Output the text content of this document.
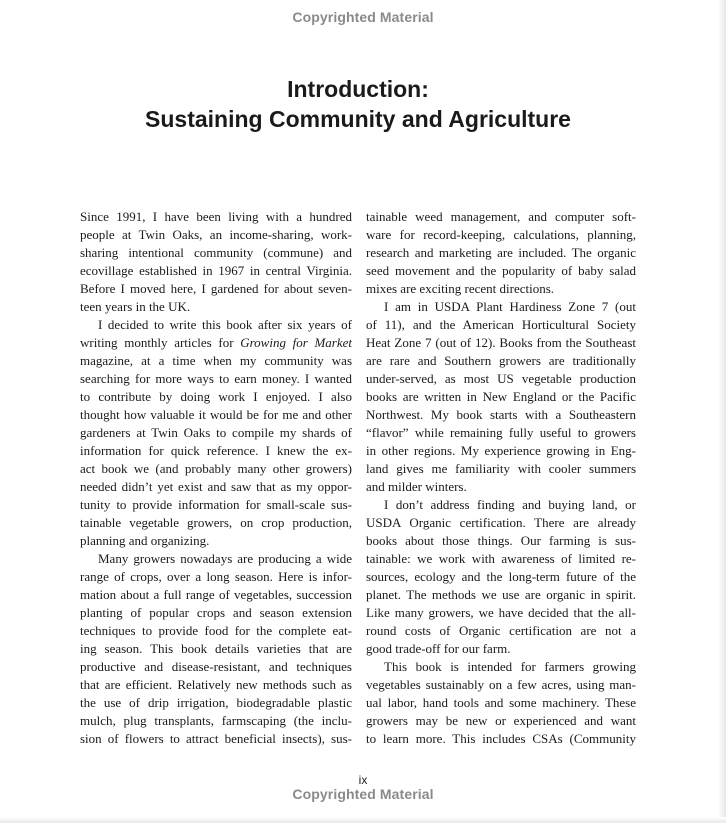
Copyrighted Material
Introduction:
Sustaining Community and Agriculture
Since 1991, I have been living with a hundred
people at Twin Oaks, an income-sharing, work-
sharing intentional community (commune) and
ecovillage established in 1967 in central Virginia.
Before I moved here, I gardened for about seven-
teen years in the UK.
I decided to write this book after six years of
writing monthly articles for Growing for Market
magazine, at a time when my community was
searching for more ways to earn money. I wanted
to contribute by doing work I enjoyed. I also
thought how valuable it would be for me and other
gardeners at Twin Oaks to compile my shards of
information for quick reference. I knew the ex-
act book we (and probably many other growers)
needed didn’t yet exist and saw that as my oppor-
tunity to provide information for small-scale sus-
tainable vegetable growers, on crop production,
planning and organizing.
Many growers nowadays are producing a wide
range of crops, over a long season. Here is infor-
mation about a full range of vegetables, succession
planting of popular crops and season extension
techniques to provide food for the complete eat-
ing season. This book details varieties that are
productive and disease-resistant, and techniques
that are efficient. Relatively new methods such as
the use of drip irrigation, biodegradable plastic
mulch, plug transplants, farmscaping (the inclu-
sion of flowers to attract beneficial insects), sus-
tainable weed management, and computer soft-
ware for record-keeping, calculations, planning,
research and marketing are included. The organic
seed movement and the popularity of baby salad
mixes are exciting recent directions.
I am in USDA Plant Hardiness Zone 7 (out
of 11), and the American Horticultural Society
Heat Zone 7 (out of 12). Books from the Southeast
are rare and Southern growers are traditionally
under-served, as most US vegetable production
books are written in New England or the Pacific
Northwest. My book starts with a Southeastern
“flavor” while remaining fully useful to growers
in other regions. My experience growing in Eng-
land gives me familiarity with cooler summers
and milder winters.
I don’t address finding and buying land, or
USDA Organic certification. There are already
books about those things. Our farming is sus-
tainable: we work with awareness of limited re-
sources, ecology and the long-term future of the
planet. The methods we use are organic in spirit.
Like many growers, we have decided that the all-
round costs of Organic certification are not a
good trade-off for our farm.
This book is intended for farmers growing
vegetables sustainably on a few acres, using man-
ual labor, hand tools and some machinery. These
growers may be new or experienced and want
to learn more. This includes CSAs (Community
ix
Copyrighted Material
